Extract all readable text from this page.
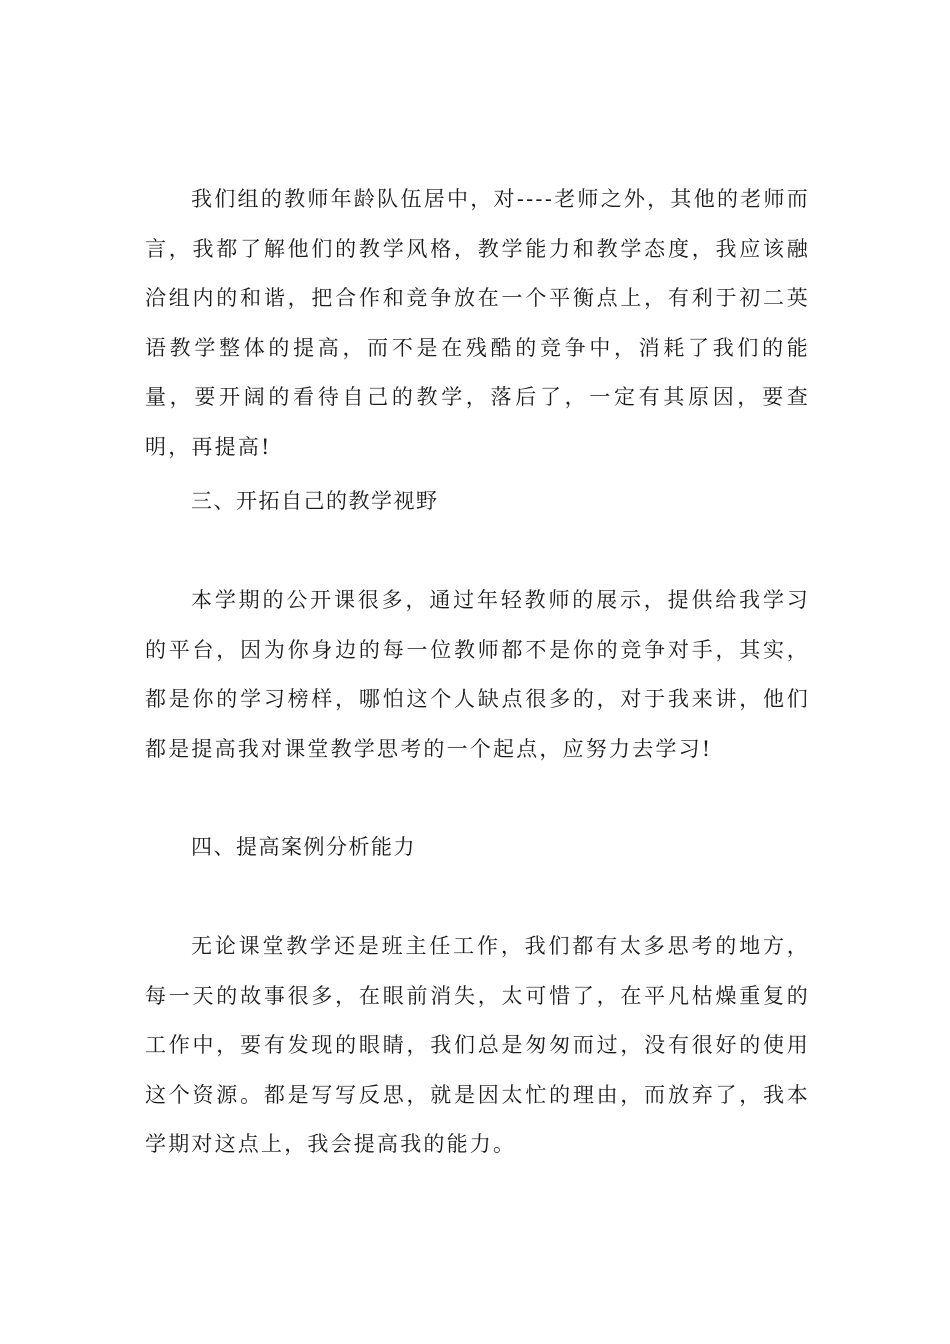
我们组的教师年龄队伍居中，对----老师之外，其他的老师而言，我都了解他们的教学风格，教学能力和教学态度，我应该融洽组内的和谐，把合作和竞争放在一个平衡点上，有利于初二英语教学整体的提高，而不是在残酷的竞争中，消耗了我们的能量，要开阔的看待自己的教学，落后了，一定有其原因，要查明，再提高!

三、开拓自己的教学视野

本学期的公开课很多，通过年轻教师的展示，提供给我学习的平台，因为你身边的每一位教师都不是你的竞争对手，其实，都是你的学习榜样，哪怕这个人缺点很多的，对于我来讲，他们都是提高我对课堂教学思考的一个起点，应努力去学习!

四、提高案例分析能力

无论课堂教学还是班主任工作，我们都有太多思考的地方，每一天的故事很多，在眼前消失，太可惜了，在平凡枯燥重复的工作中，要有发现的眼睛，我们总是匆匆而过，没有很好的使用这个资源。都是写写反思，就是因太忙的理由，而放弃了，我本学期对这点上，我会提高我的能力。
